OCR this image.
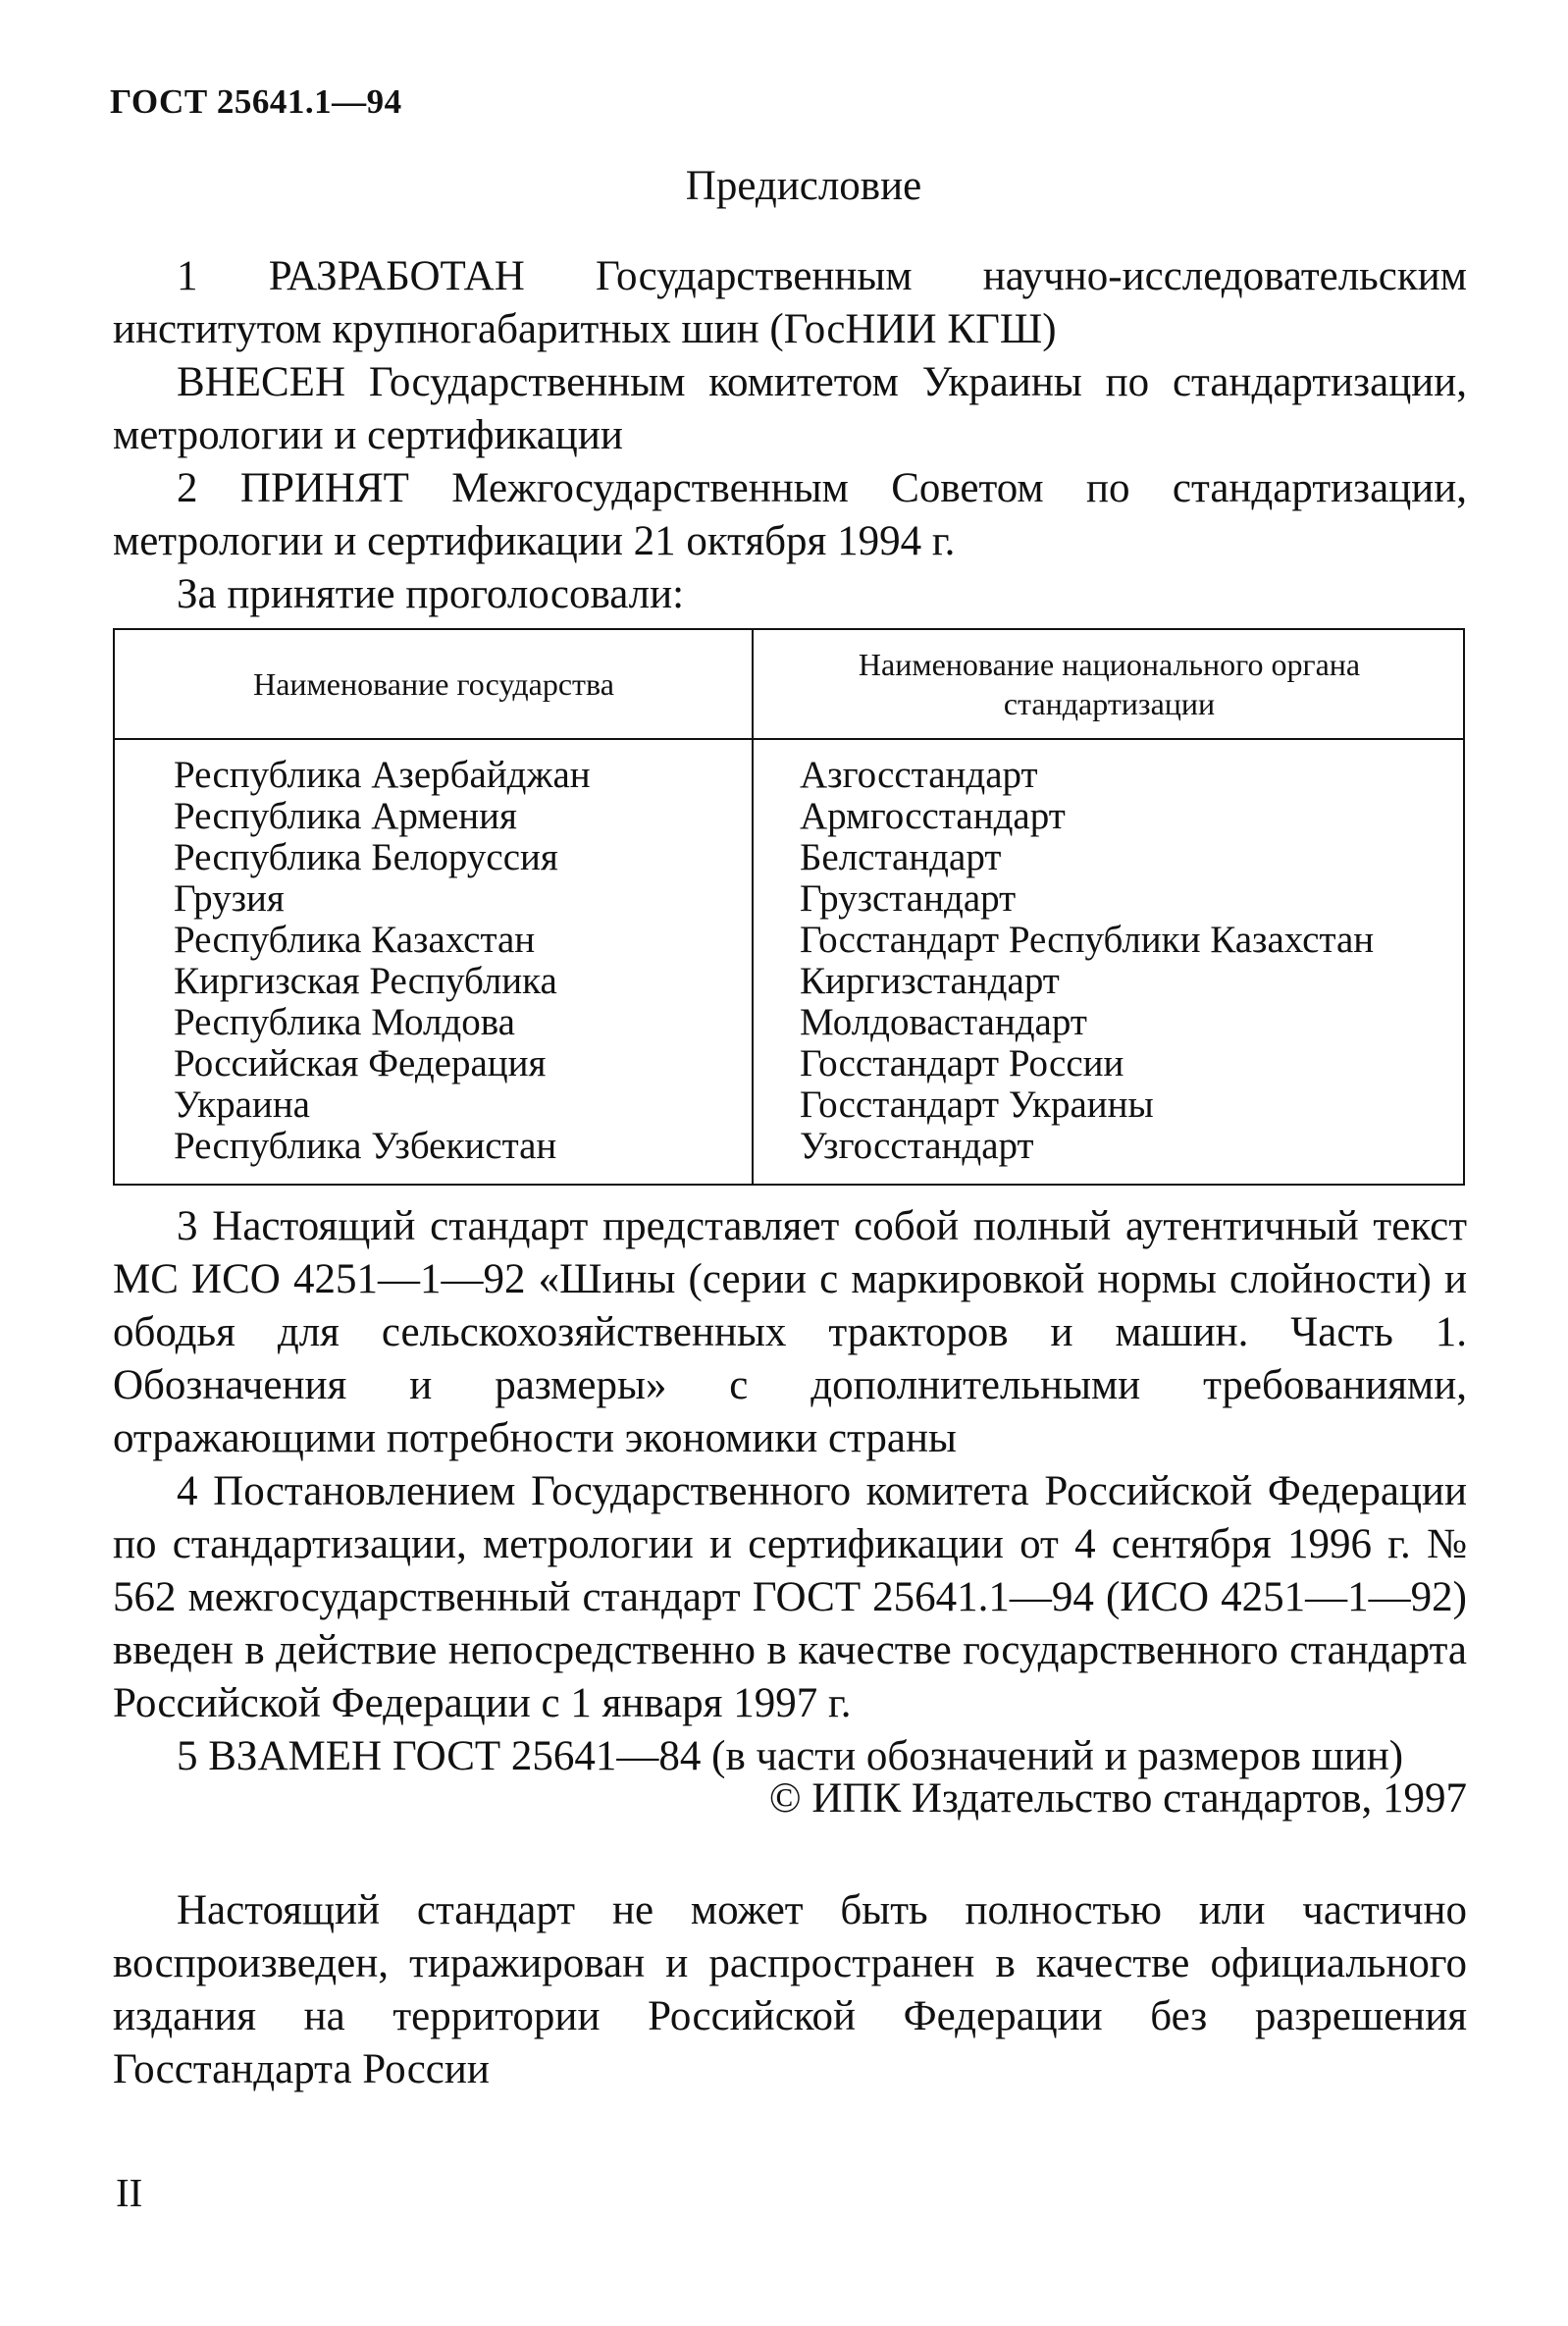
ГОСТ 25641.1—94
Предисловие

1 РАЗРАБОТАН Государственным научно-исследовательским институтом крупногабаритных шин (ГосНИИ КГШ)

ВНЕСЕН Государственным комитетом Украины по стандартизации, метрологии и сертификации

2 ПРИНЯТ Межгосударственным Советом по стандартизации, метрологии и сертификации 21 октября 1994 г.

За принятие проголосовали:

Наименование государства
Наименование национального органа стандартизации
Республика Азербайджан
Республика Армения
Республика Белоруссия
Грузия
Республика Казахстан
Киргизская Республика
Республика Молдова
Российская Федерация
Украина
Республика Узбекистан
Азгосстандарт
Армгосстандарт
Белстандарт
Грузстандарт
Госстандарт Республики Казахстан
Киргизстандарт
Молдовастандарт
Госстандарт России
Госстандарт Украины
Узгосстандарт

3 Настоящий стандарт представляет собой полный аутентичный текст МС ИСО 4251—1—92 «Шины (серии с маркировкой нормы слойности) и ободья для сельскохозяйственных тракторов и машин. Часть 1. Обозначения и размеры» с дополнительными требованиями, отражающими потребности экономики страны

4 Постановлением Государственного комитета Российской Федерации по стандартизации, метрологии и сертификации от 4 сентября 1996 г. № 562 межгосударственный стандарт ГОСТ 25641.1—94 (ИСО 4251—1—92) введен в действие непосредственно в качестве государственного стандарта Российской Федерации с 1 января 1997 г.

5 ВЗАМЕН ГОСТ 25641—84 (в части обозначений и размеров шин)

© ИПК Издательство стандартов, 1997

Настоящий стандарт не может быть полностью или частично воспроизведен, тиражирован и распространен в качестве официального издания на территории Российской Федерации без разрешения Госстандарта России

II
